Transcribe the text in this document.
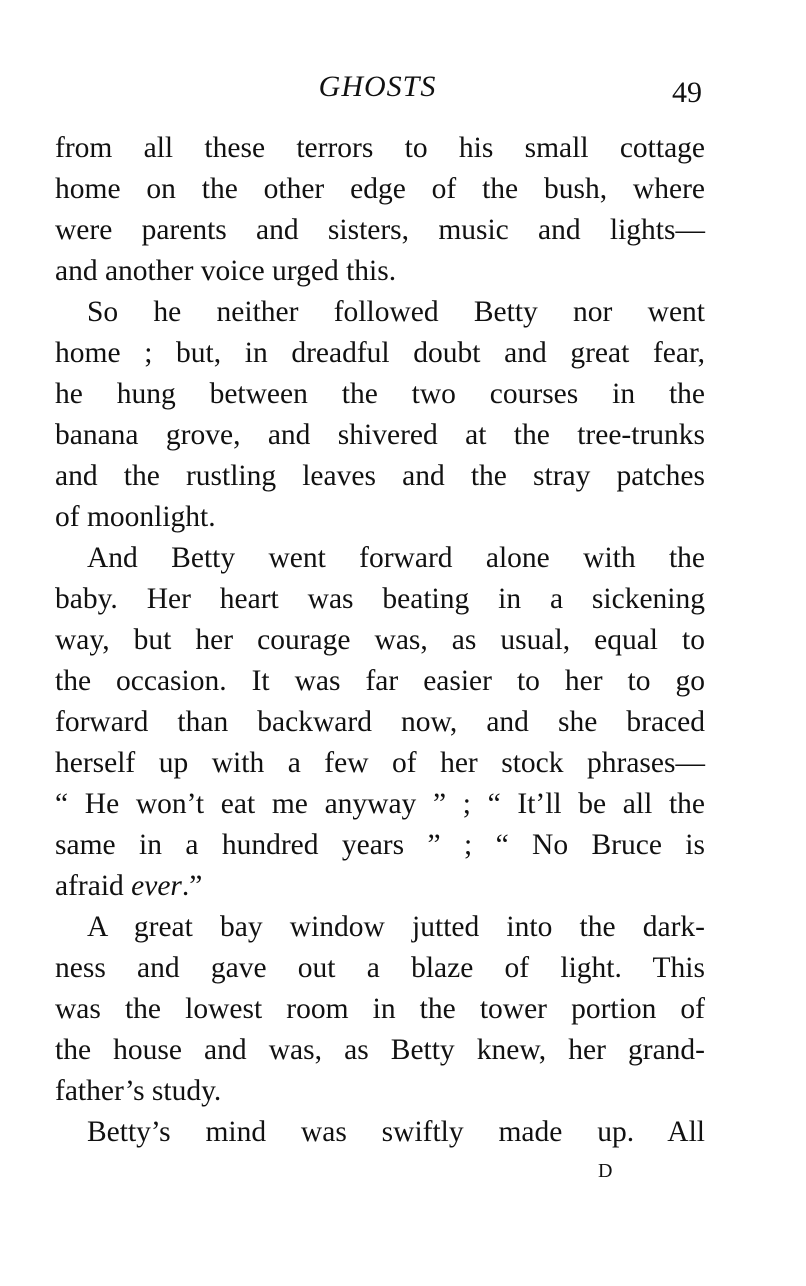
GHOSTS	49
from all these terrors to his small cottage
home on the other edge of the bush, where
were parents and sisters, music and lights—
and another voice urged this.
So he neither followed Betty nor went
home ; but, in dreadful doubt and great fear,
he hung between the two courses in the
banana grove, and shivered at the tree-trunks
and the rustling leaves and the stray patches
of moonlight.
And Betty went forward alone with the
baby. Her heart was beating in a sickening
way, but her courage was, as usual, equal to
the occasion. It was far easier to her to go
forward than backward now, and she braced
herself up with a few of her stock phrases—
“ He won’t eat me anyway ” ; “ It’ll be all the
same in a hundred years ” ; “ No Bruce is
afraid ever.”
A great bay window jutted into the dark-
ness and gave out a blaze of light. This
was the lowest room in the tower portion of
the house and was, as Betty knew, her grand-
father’s study.
Betty’s mind was swiftly made up. All
D
